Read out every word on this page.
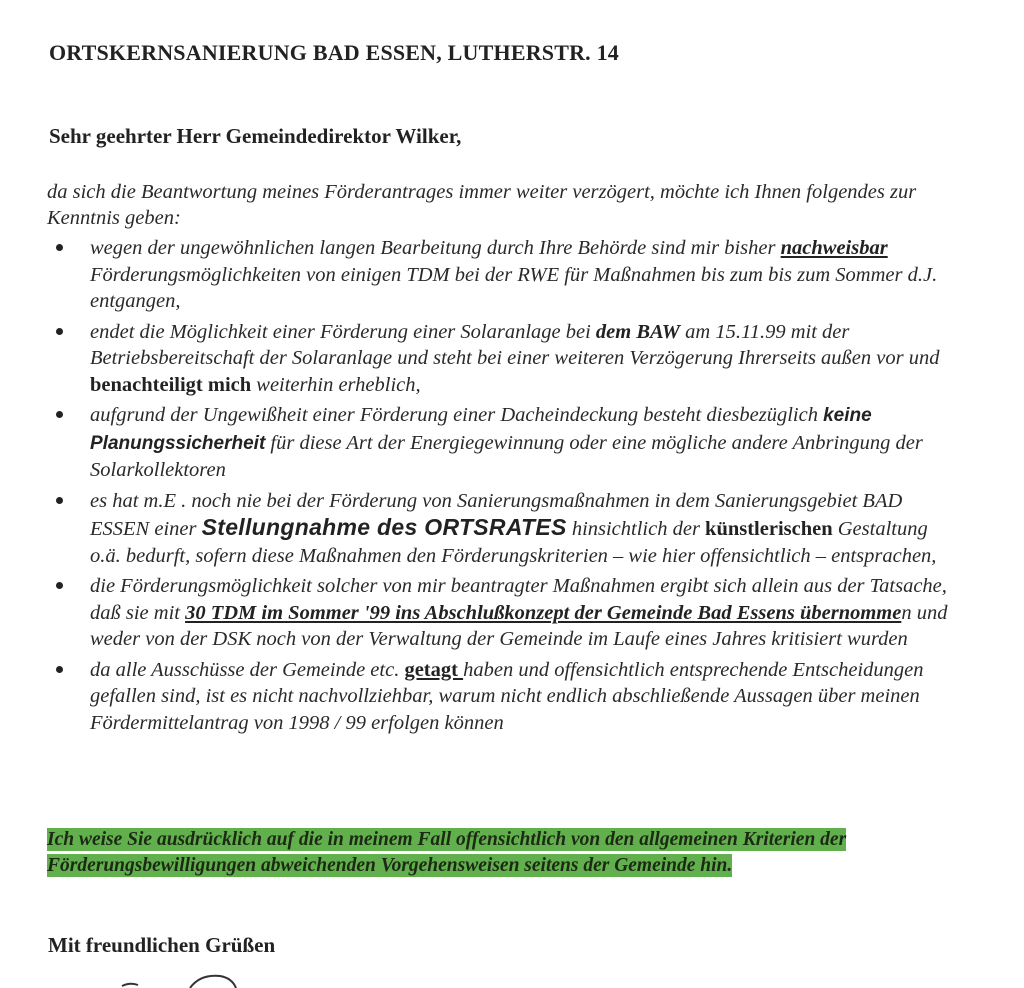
ORTSKERNSANIERUNG BAD ESSEN, LUTHERSTR. 14
Sehr geehrter Herr Gemeindedirektor Wilker,
da sich die Beantwortung meines Förderantrages immer weiter verzögert, möchte ich Ihnen folgendes zur Kenntnis geben:
wegen der ungewöhnlichen langen Bearbeitung durch Ihre Behörde sind mir bisher nachweisbar Förderungsmöglichkeiten von einigen TDM bei der RWE für Maßnahmen bis zum bis zum Sommer d.J. entgangen,
endet die Möglichkeit einer Förderung einer Solaranlage bei dem BAW am 15.11.99 mit der Betriebsbereitschaft der Solaranlage und steht bei einer weiteren Verzögerung Ihrerseits außen vor und benachteiligt mich weiterhin erheblich,
aufgrund der Ungewißheit einer Förderung einer Dacheindeckung besteht diesbezüglich keine Planungssicherheit für diese Art der Energiegewinnung oder eine mögliche andere Anbringung der Solarkollektoren
es hat m.E . noch nie bei der Förderung von Sanierungsmaßnahmen in dem Sanierungsgebiet BAD ESSEN einer Stellungnahme des ORTSRATES hinsichtlich der künstlerischen Gestaltung o.ä. bedurft, sofern diese Maßnahmen den Förderungskriterien – wie hier offensichtlich – entsprachen,
die Förderungsmöglichkeit solcher von mir beantragter Maßnahmen ergibt sich allein aus der Tatsache, daß sie mit 30 TDM im Sommer '99 ins Abschlußkonzept der Gemeinde Bad Essens übernommen und weder von der DSK noch von der Verwaltung der Gemeinde im Laufe eines Jahres kritisiert wurden
da alle Ausschüsse der Gemeinde etc. getagt haben und offensichtlich entsprechende Entscheidungen gefallen sind, ist es nicht nachvollziehbar, warum nicht endlich abschließende Aussagen über meinen Fördermittelantrag von 1998 / 99 erfolgen können
Ich weise Sie ausdrücklich auf die in meinem Fall offensichtlich von den allgemeinen Kriterien der Förderungsbewilligungen abweichenden Vorgehensweisen seitens der Gemeinde hin.
Mit freundlichen Grüßen
